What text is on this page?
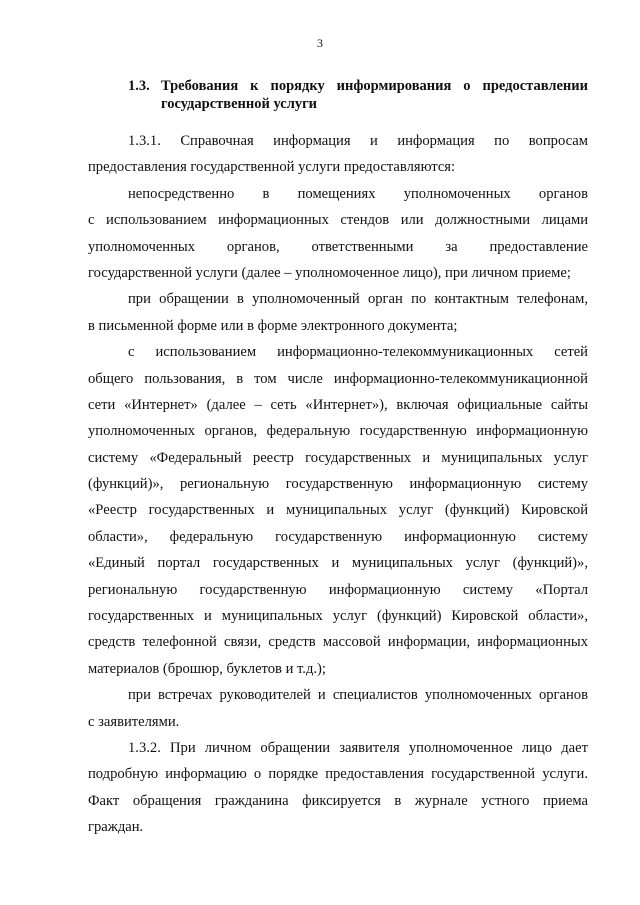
3
1.3. Требования к порядку информирования о предоставлении
государственной услуги
1.3.1. Справочная информация и информация по вопросам
предоставления государственной услуги предоставляются:
непосредственно в помещениях уполномоченных органов
с использованием информационных стендов или должностными лицами
уполномоченных органов, ответственными за предоставление
государственной услуги (далее – уполномоченное лицо), при личном приеме;
при обращении в уполномоченный орган по контактным телефонам,
в письменной форме или в форме электронного документа;
с использованием информационно-телекоммуникационных сетей
общего пользования, в том числе информационно-телекоммуникационной
сети «Интернет» (далее – сеть «Интернет»), включая официальные сайты
уполномоченных органов, федеральную государственную информационную
систему «Федеральный реестр государственных и муниципальных услуг
(функций)», региональную государственную информационную систему
«Реестр государственных и муниципальных услуг (функций) Кировской
области», федеральную государственную информационную систему
«Единый портал государственных и муниципальных услуг (функций)»,
региональную государственную информационную систему «Портал
государственных и муниципальных услуг (функций) Кировской области»,
средств телефонной связи, средств массовой информации, информационных
материалов (брошюр, буклетов и т.д.);
при встречах руководителей и специалистов уполномоченных органов
с заявителями.
1.3.2. При личном обращении заявителя уполномоченное лицо дает
подробную информацию о порядке предоставления государственной услуги.
Факт обращения гражданина фиксируется в журнале устного приема
граждан.
